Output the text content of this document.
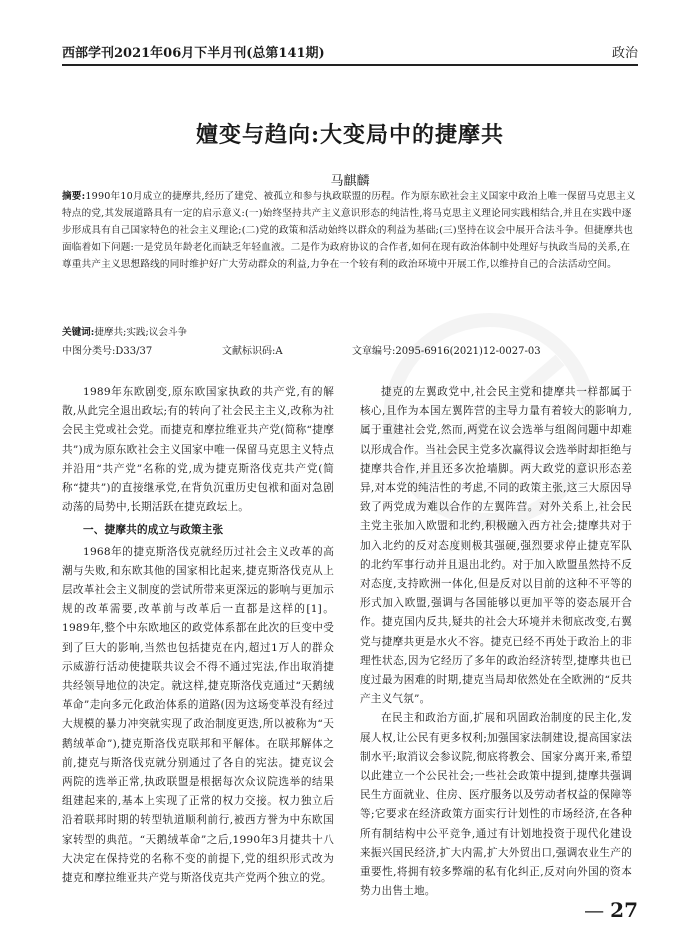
西部学刊2021年06月下半月刊(总第141期)	政治
嬗变与趋向:大变局中的捷摩共
马麒麟
摘要:1990年10月成立的捷摩共,经历了建党、被孤立和参与执政联盟的历程。作为原东欧社会主义国家中政治上唯一保留马克思主义特点的党,其发展道路具有一定的启示意义:(一)始终坚持共产主义意识形态的纯洁性,将马克思主义理论同实践相结合,并且在实践中逐步形成具有自己国家特色的社会主义理论;(二)党的政策和活动始终以群众的利益为基础;(三)坚持在议会中展开合法斗争。但捷摩共也面临着如下问题:一是党员年龄老化而缺乏年轻血液。二是作为政府协议的合作者,如何在现有政治体制中处理好与执政当局的关系,在尊重共产主义思想路线的同时维护好广大劳动群众的利益,力争在一个较有利的政治环境中开展工作,以维持自己的合法活动空间。
关键词:捷摩共;实践;议会斗争
中图分类号:D33/37	文献标识码:A	文章编号:2095-6916(2021)12-0027-03

1989年东欧剧变,原东欧国家执政的共产党,有的解散,从此完全退出政坛;有的转向了社会民主主义,改称为社会民主党或社会党。而捷克和摩拉维亚共产党(简称“捷摩共”)成为原东欧社会主义国家中唯一保留马克思主义特点并沿用“共产党”名称的党,成为捷克斯洛伐克共产党(简称“捷共”)的直接继承党,在背负沉重历史包袱和面对急剧动荡的局势中,长期活跃在捷克政坛上。

一、捷摩共的成立与政策主张

1968年的捷克斯洛伐克就经历过社会主义改革的高潮与失败,和东欧其他的国家相比起来,捷克斯洛伐克从上层改革社会主义制度的尝试所带来更深远的影响与更加示规的改革需要,改革前与改革后一直都是这样的[1]。1989年,整个中东欧地区的政党体系都在此次的巨变中受到了巨大的影响,当然也包括捷克在内,超过1万人的群众示威游行活动使捷联共议会不得不通过宪法,作出取消捷共经领导地位的决定。就这样,捷克斯洛伐克通过“天鹅绒革命”走向多元化政治体系的道路(因为这场变革没有经过大规模的暴力冲突就实现了政治制度更迭,所以被称为“天鹅绒革命”),捷克斯洛伐克联邦和平解体。在联邦解体之前,捷克与斯洛伐克就分别通过了各自的宪法。捷克议会两院的选举正常,执政联盟是根据每次众议院选举的结果组建起来的,基本上实现了正常的权力交接。权力独立后沿着联邦时期的转型轨道顺利前行,被西方誉为中东欧国家转型的典范。“天鹅绒革命”之后,1990年3月捷共十八大决定在保持党的名称不变的前提下,党的组织形式改为捷克和摩拉维亚共产党与斯洛伐克共产党两个独立的党。

捷克的左翼政党中,社会民主党和捷摩共一样都属于核心,且作为本国左翼阵营的主导力量有着较大的影响力,属于重建社会党,然而,两党在议会选举与组阁问题中却难以形成合作。当社会民主党多次赢得议会选举时却拒绝与捷摩共合作,并且还多次抢墙脚。两大政党的意识形态差异,对本党的纯洁性的考虑,不同的政策主张,这三大原因导致了两党成为难以合作的左翼阵营。对外关系上,社会民主党主张加入欧盟和北约,积极融入西方社会;捷摩共对于加入北约的反对态度则极其强硬,强烈要求停止捷克军队的北约军事行动并且退出北约。对于加入欧盟虽然持不反对态度,支持欧洲一体化,但是反对以目前的这种不平等的形式加入欧盟,强调与各国能够以更加平等的姿态展开合作。捷克国内反共,疑共的社会大环境并未彻底改变,右翼党与捷摩共更是水火不容。捷克已经不再处于政治上的非理性状态,因为它经历了多年的政治经济转型,捷摩共也已度过最为困难的时期,捷克当局却依然处在全欧洲的“反共产主义气氛”。

在民主和政治方面,扩展和巩固政治制度的民主化,发展人权,让公民有更多权利;加强国家法制建设,提高国家法制水平;取消议会参议院,彻底将教会、国家分离开来,希望以此建立一个公民社会;一些社会政策中提到,捷摩共强调民生方面就业、住房、医疗服务以及劳动者权益的保障等等;它要求在经济政策方面实行计划性的市场经济,在各种所有制结构中公平竞争,通过有计划地投资于现代化建设来振兴国民经济,扩大内需,扩大外贸出口,强调农业生产的重要性,将拥有较多弊端的私有化纠正,反对向外国的资本势力出售土地。

— 27
